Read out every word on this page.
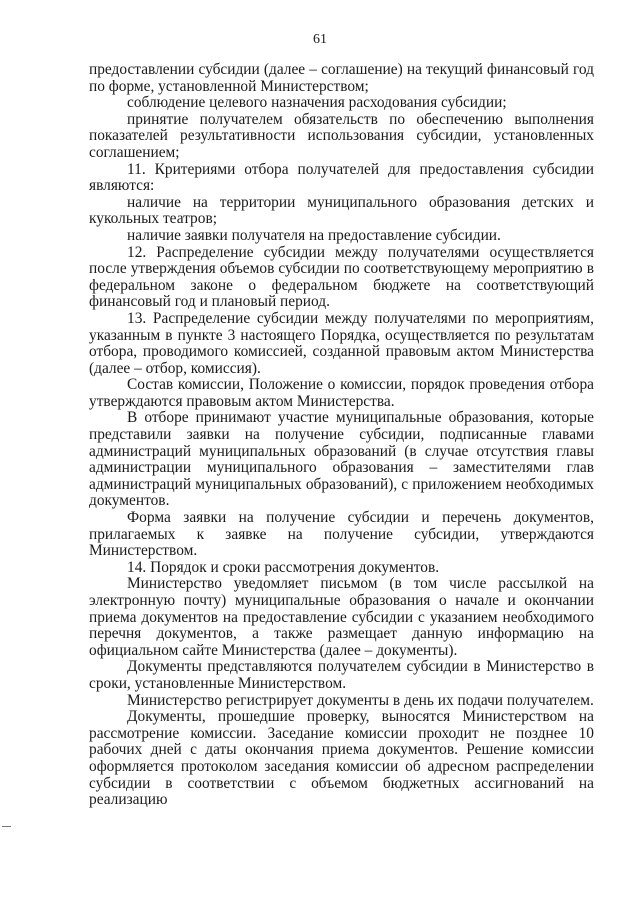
61

предоставлении субсидии (далее – соглашение) на текущий финансовый год по форме, установленной Министерством;

соблюдение целевого назначения расходования субсидии;

принятие получателем обязательств по обеспечению выполнения показателей результативности использования субсидии, установленных соглашением;

11. Критериями отбора получателей для предоставления субсидии являются:

наличие на территории муниципального образования детских и кукольных театров;

наличие заявки получателя на предоставление субсидии.

12. Распределение субсидии между получателями осуществляется после утверждения объемов субсидии по соответствующему мероприятию в федеральном законе о федеральном бюджете на соответствующий финансовый год и плановый период.

13. Распределение субсидии между получателями по мероприятиям, указанным в пункте 3 настоящего Порядка, осуществляется по результатам отбора, проводимого комиссией, созданной правовым актом Министерства (далее – отбор, комиссия).

Состав комиссии, Положение о комиссии, порядок проведения отбора утверждаются правовым актом Министерства.

В отборе принимают участие муниципальные образования, которые представили заявки на получение субсидии, подписанные главами администраций муниципальных образований (в случае отсутствия главы администрации муниципального образования – заместителями глав администраций муниципальных образований), с приложением необходимых документов.

Форма заявки на получение субсидии и перечень документов, прилагаемых к заявке на получение субсидии, утверждаются Министерством.

14. Порядок и сроки рассмотрения документов.

Министерство уведомляет письмом (в том числе рассылкой на электронную почту) муниципальные образования о начале и окончании приема документов на предоставление субсидии с указанием необходимого перечня документов, а также размещает данную информацию на официальном сайте Министерства (далее – документы).

Документы представляются получателем субсидии в Министерство в сроки, установленные Министерством.

Министерство регистрирует документы в день их подачи получателем.

Документы, прошедшие проверку, выносятся Министерством на рассмотрение комиссии. Заседание комиссии проходит не позднее 10 рабочих дней с даты окончания приема документов. Решение комиссии оформляется протоколом заседания комиссии об адресном распределении субсидии в соответствии с объемом бюджетных ассигнований на реализацию
